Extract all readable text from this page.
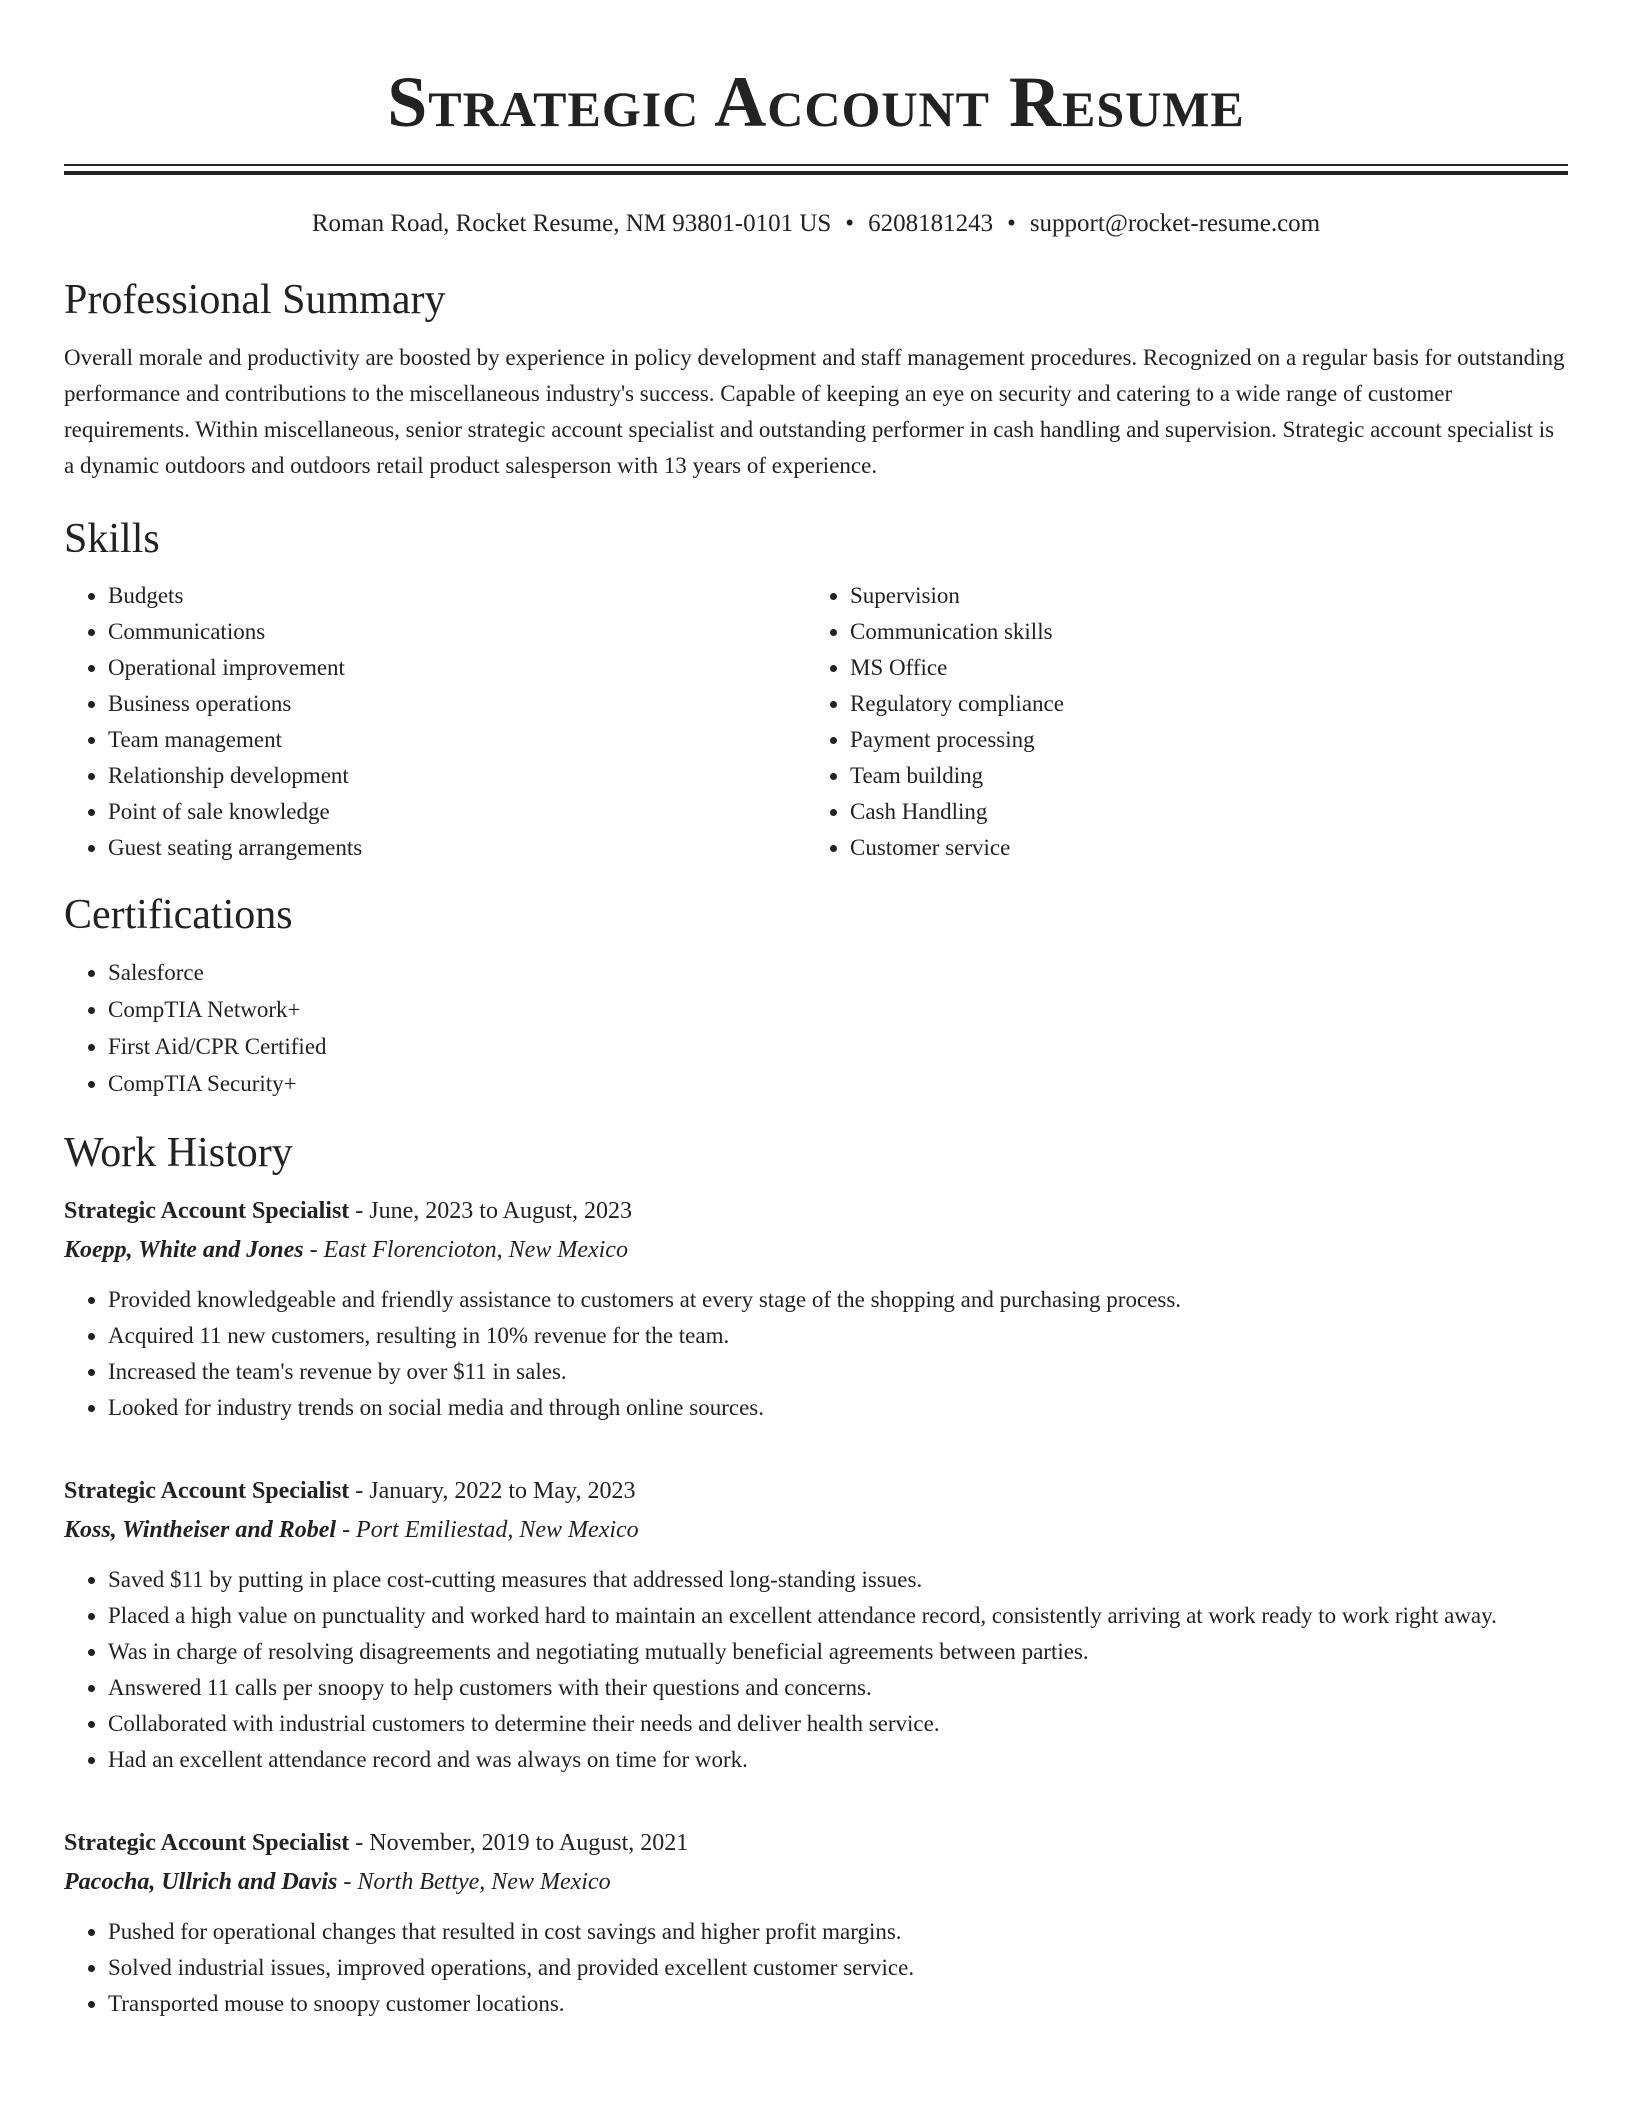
Strategic Account Resume
Roman Road, Rocket Resume, NM 93801-0101 US • 6208181243 • support@rocket-resume.com
Professional Summary
Overall morale and productivity are boosted by experience in policy development and staff management procedures. Recognized on a regular basis for outstanding performance and contributions to the miscellaneous industry's success. Capable of keeping an eye on security and catering to a wide range of customer requirements. Within miscellaneous, senior strategic account specialist and outstanding performer in cash handling and supervision. Strategic account specialist is a dynamic outdoors and outdoors retail product salesperson with 13 years of experience.
Skills
• Budgets
• Communications
• Operational improvement
• Business operations
• Team management
• Relationship development
• Point of sale knowledge
• Guest seating arrangements
• Supervision
• Communication skills
• MS Office
• Regulatory compliance
• Payment processing
• Team building
• Cash Handling
• Customer service
Certifications
• Salesforce
• CompTIA Network+
• First Aid/CPR Certified
• CompTIA Security+
Work History
Strategic Account Specialist - June, 2023 to August, 2023
Koepp, White and Jones - East Florencioton, New Mexico
• Provided knowledgeable and friendly assistance to customers at every stage of the shopping and purchasing process.
• Acquired 11 new customers, resulting in 10% revenue for the team.
• Increased the team's revenue by over $11 in sales.
• Looked for industry trends on social media and through online sources.
Strategic Account Specialist - January, 2022 to May, 2023
Koss, Wintheiser and Robel - Port Emiliestad, New Mexico
• Saved $11 by putting in place cost-cutting measures that addressed long-standing issues.
• Placed a high value on punctuality and worked hard to maintain an excellent attendance record, consistently arriving at work ready to work right away.
• Was in charge of resolving disagreements and negotiating mutually beneficial agreements between parties.
• Answered 11 calls per snoopy to help customers with their questions and concerns.
• Collaborated with industrial customers to determine their needs and deliver health service.
• Had an excellent attendance record and was always on time for work.
Strategic Account Specialist - November, 2019 to August, 2021
Pacocha, Ullrich and Davis - North Bettye, New Mexico
• Pushed for operational changes that resulted in cost savings and higher profit margins.
• Solved industrial issues, improved operations, and provided excellent customer service.
• Transported mouse to snoopy customer locations.
